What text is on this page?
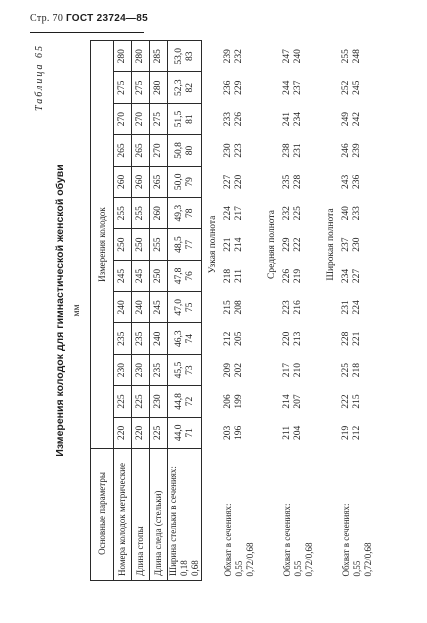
Стр. 70 ГОСТ 23724—85
Таблица 65
Измерения колодок для гимнастической женской обуви мм
Основные параметры	Измерения колодок												
Номера колодок метрические	220	225	230	235	240	245	250	255	260	265	270	275	280
Длина стопы	220	225	230	235	240	245	250	255	260	265	270	275	280
Длина следа (стельки)	225	230	235	240	245	250	255	260	265	270	275	280	285

Ширина стельки в сечениях: 0,18 0,68	44,0 71	44,8 72	45,5 73	46,3 74	47,0 75	47,8 76	48,5 77	49,3 78	50,0 79	50,8 80	51,5 81	52,3 82	53,0 83

	Узкая полнота												

Обхват в сечениях: 0,55 0,72/0,68	203 196	206 199	209 202	212 205	215 208	218 211	221 214	224 217	227 220	230 223	233 226	236 229	239 232

	Средняя полнота												

Обхват в сечениях: 0,55 0,72/0,68	211 204	214 207	217 210	220 213	223 216	226 219	229 222	232 225	235 228	238 231	241 234	244 237	247 240

	Широкая полнота												

Обхват в сечениях: 0,55 0,72/0,68	219 212	222 215	225 218	228 221	231 224	234 227	237 230	240 233	243 236	246 239	249 242	252 245	255 248
